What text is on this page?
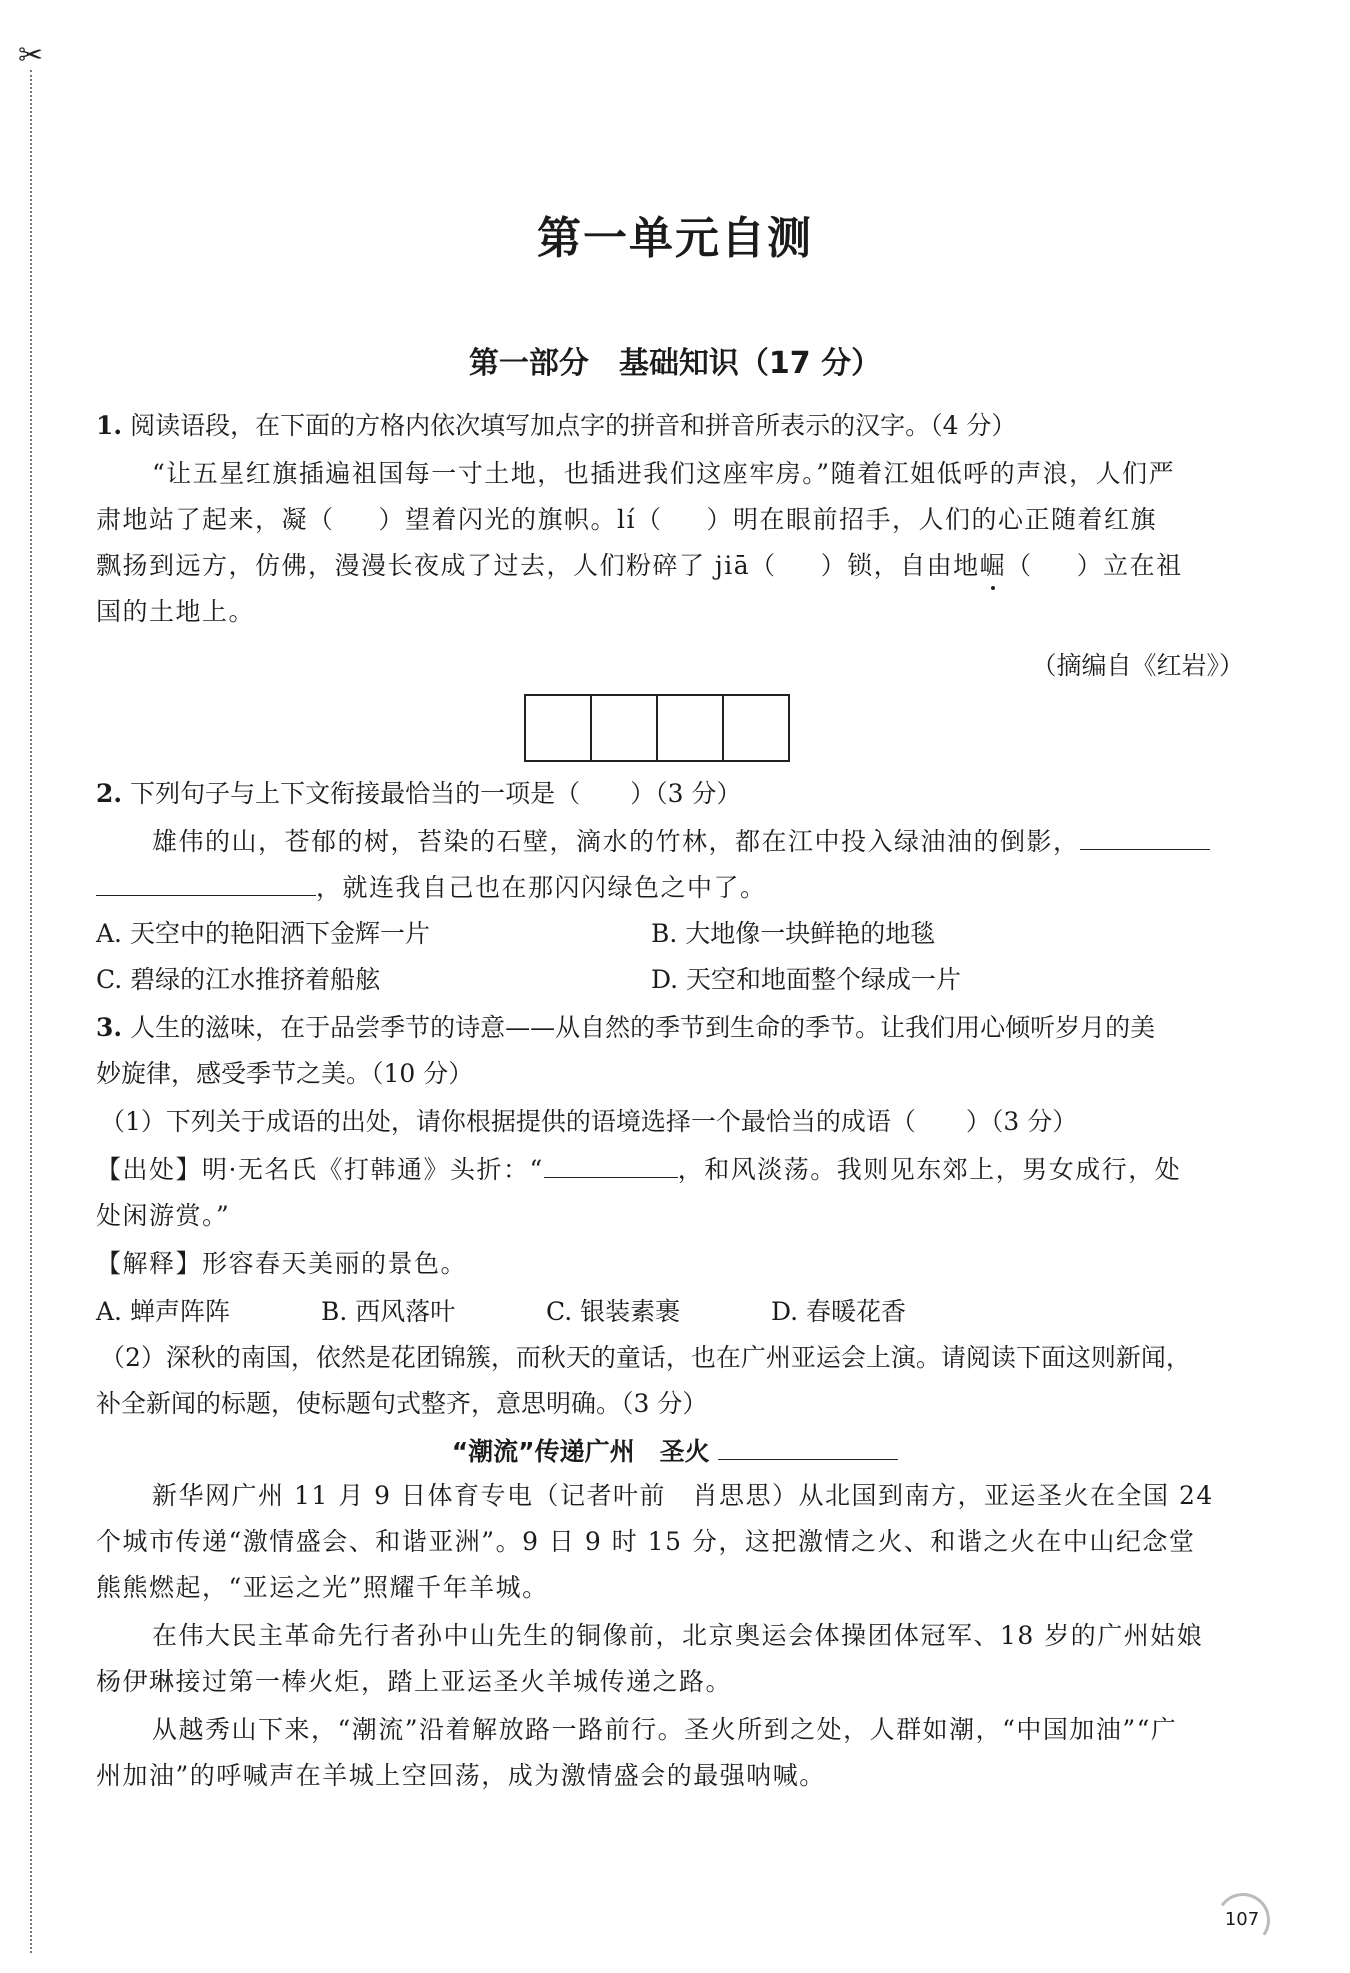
✂
第一单元自测
第一部分　基础知识（17 分）
1. 阅读语段，在下面的方格内依次填写加点字的拼音和拼音所表示的汉字。（4 分）
“让五星红旗插遍祖国每一寸土地，也插进我们这座牢房。”随着江姐低呼的声浪，人们严
肃地站了起来，凝（ ）望着闪光的旗帜。lí（ ）明在眼前招手，人们的心正随着红旗
飘扬到远方，仿佛，漫漫长夜成了过去，人们粉碎了 jiā（ ）锁，自由地崛（ ）立在祖
国的土地上。
（摘编自《红岩》）
2. 下列句子与上下文衔接最恰当的一项是（　　）（3 分）
雄伟的山，苍郁的树，苔染的石壁，滴水的竹林，都在江中投入绿油油的倒影，
，就连我自己也在那闪闪绿色之中了。
A. 天空中的艳阳洒下金辉一片	B. 大地像一块鲜艳的地毯
C. 碧绿的江水推挤着船舷	D. 天空和地面整个绿成一片
3. 人生的滋味，在于品尝季节的诗意——从自然的季节到生命的季节。让我们用心倾听岁月的美
妙旋律，感受季节之美。（10 分）
（1）下列关于成语的出处，请你根据提供的语境选择一个最恰当的成语（　　）（3 分）
【出处】明·无名氏《打韩通》头折：“	，和风淡荡。我则见东郊上，男女成行，处
处闲游赏。”
【解释】形容春天美丽的景色。
A. 蝉声阵阵	B. 西风落叶	C. 银装素裹	D. 春暖花香
（2）深秋的南国，依然是花团锦簇，而秋天的童话，也在广州亚运会上演。请阅读下面这则新闻，
补全新闻的标题，使标题句式整齐，意思明确。（3 分）
“潮流”传递广州　圣火
新华网广州 11 月 9 日体育专电（记者叶前　肖思思）从北国到南方，亚运圣火在全国 24
个城市传递“激情盛会、和谐亚洲”。9 日 9 时 15 分，这把激情之火、和谐之火在中山纪念堂
熊熊燃起，“亚运之光”照耀千年羊城。
在伟大民主革命先行者孙中山先生的铜像前，北京奥运会体操团体冠军、18 岁的广州姑娘
杨伊琳接过第一棒火炬，踏上亚运圣火羊城传递之路。
从越秀山下来，“潮流”沿着解放路一路前行。圣火所到之处，人群如潮，“中国加油”“广
州加油”的呼喊声在羊城上空回荡，成为激情盛会的最强呐喊。
107
